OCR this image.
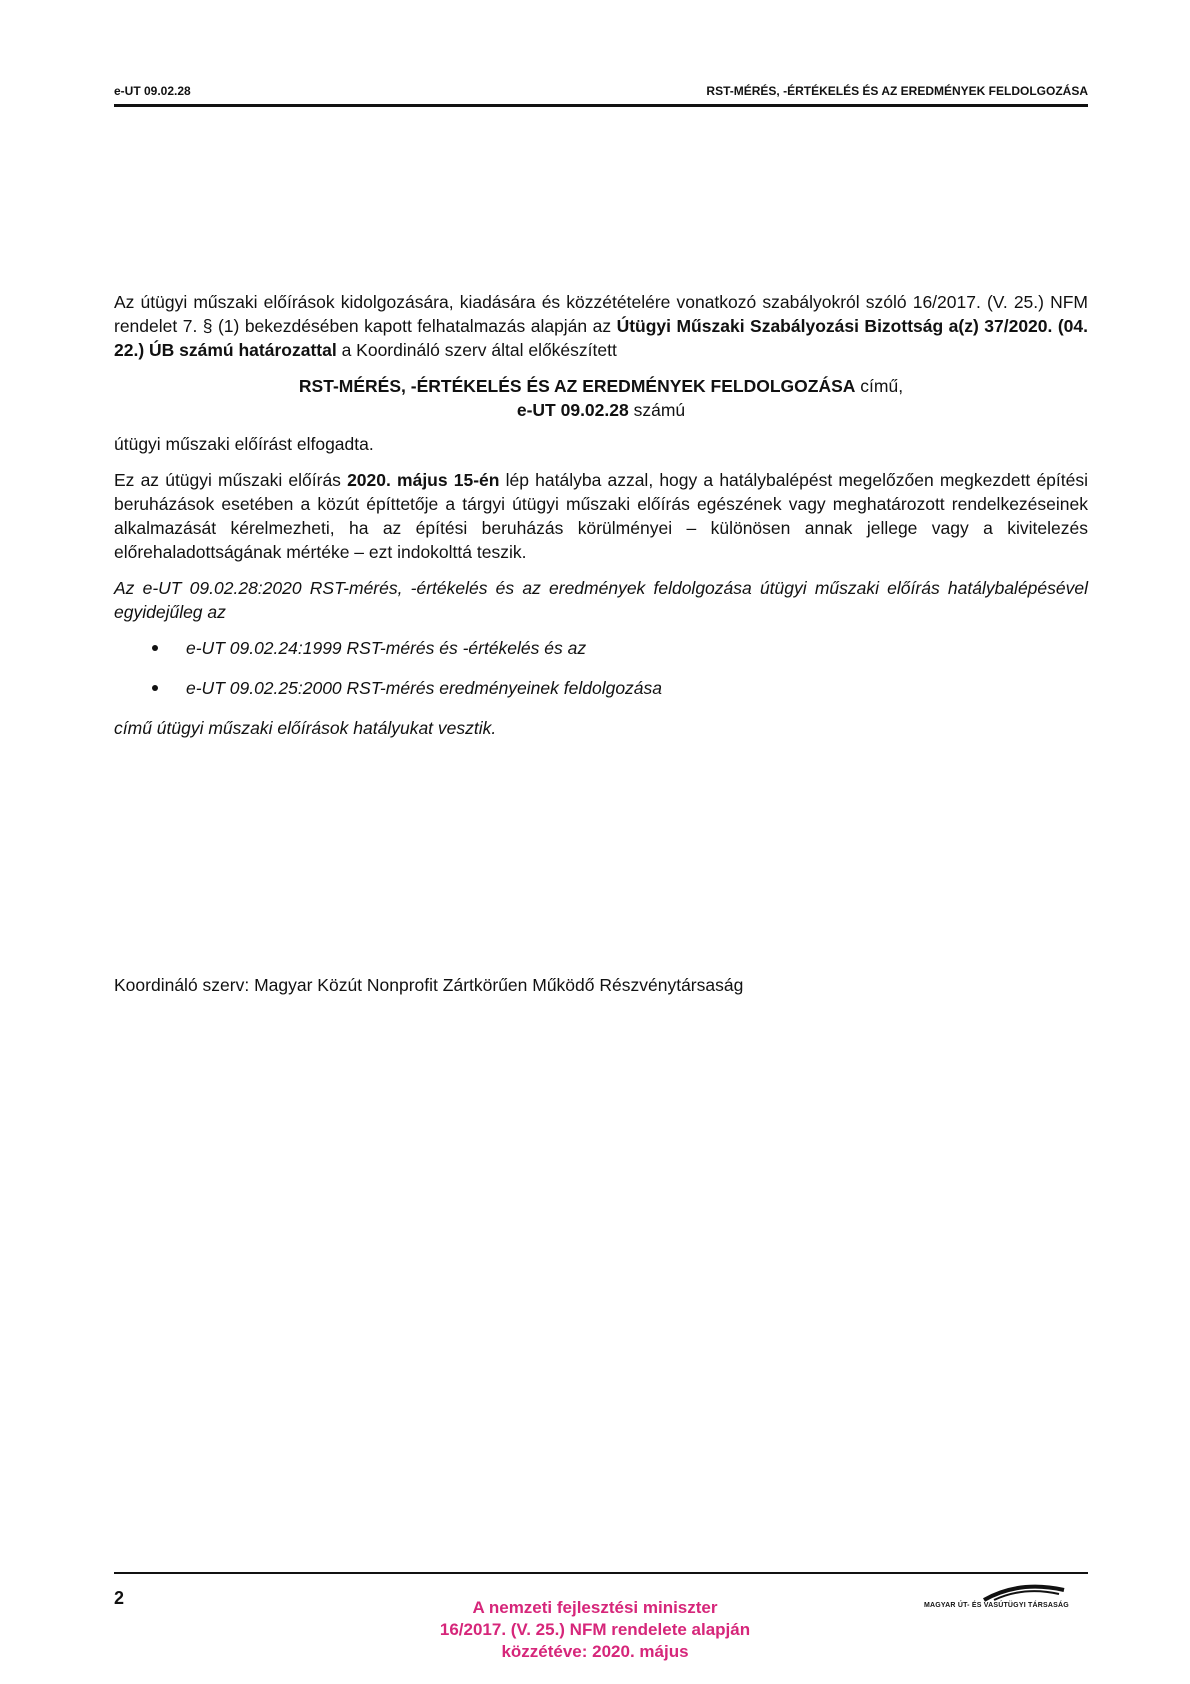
e-UT 09.02.28	RST-MÉRÉS, -ÉRTÉKELÉS ÉS AZ EREDMÉNYEK FELDOLGOZÁSA

Az útügyi műszaki előírások kidolgozására, kiadására és közzétételére vonatkozó szabályokról szóló 16/2017. (V. 25.) NFM rendelet 7. § (1) bekezdésében kapott felhatalmazás alapján az Útügyi Műszaki Szabályozási Bizottság a(z) 37/2020. (04. 22.) ÚB számú határozattal a Koordináló szerv által előkészített

RST-MÉRÉS, -ÉRTÉKELÉS ÉS AZ EREDMÉNYEK FELDOLGOZÁSA című,
e-UT 09.02.28 számú

útügyi műszaki előírást elfogadta.

Ez az útügyi műszaki előírás 2020. május 15-én lép hatályba azzal, hogy a hatálybalépést megelőzően megkezdett építési beruházások esetében a közút építtetője a tárgyi útügyi műszaki előírás egészének vagy meghatározott rendelkezéseinek alkalmazását kérelmezheti, ha az építési beruházás körülményei – különösen annak jellege vagy a kivitelezés előrehaladottságának mértéke – ezt indokolttá teszik.

Az e-UT 09.02.28:2020 RST-mérés, -értékelés és az eredmények feldolgozása útügyi műszaki előírás hatálybalépésével egyidejűleg az

e-UT 09.02.24:1999 RST-mérés és -értékelés és az
e-UT 09.02.25:2000 RST-mérés eredményeinek feldolgozása

című útügyi műszaki előírások hatályukat vesztik.

Koordináló szerv: Magyar Közút Nonprofit Zártkörűen Működő Részvénytársaság
2	A nemzeti fejlesztési miniszter
16/2017. (V. 25.) NFM rendelete alapján
közzétéve: 2020. május
MAGYAR ÚT- ÉS VASÚTÜGYI TÁRSASÁG
